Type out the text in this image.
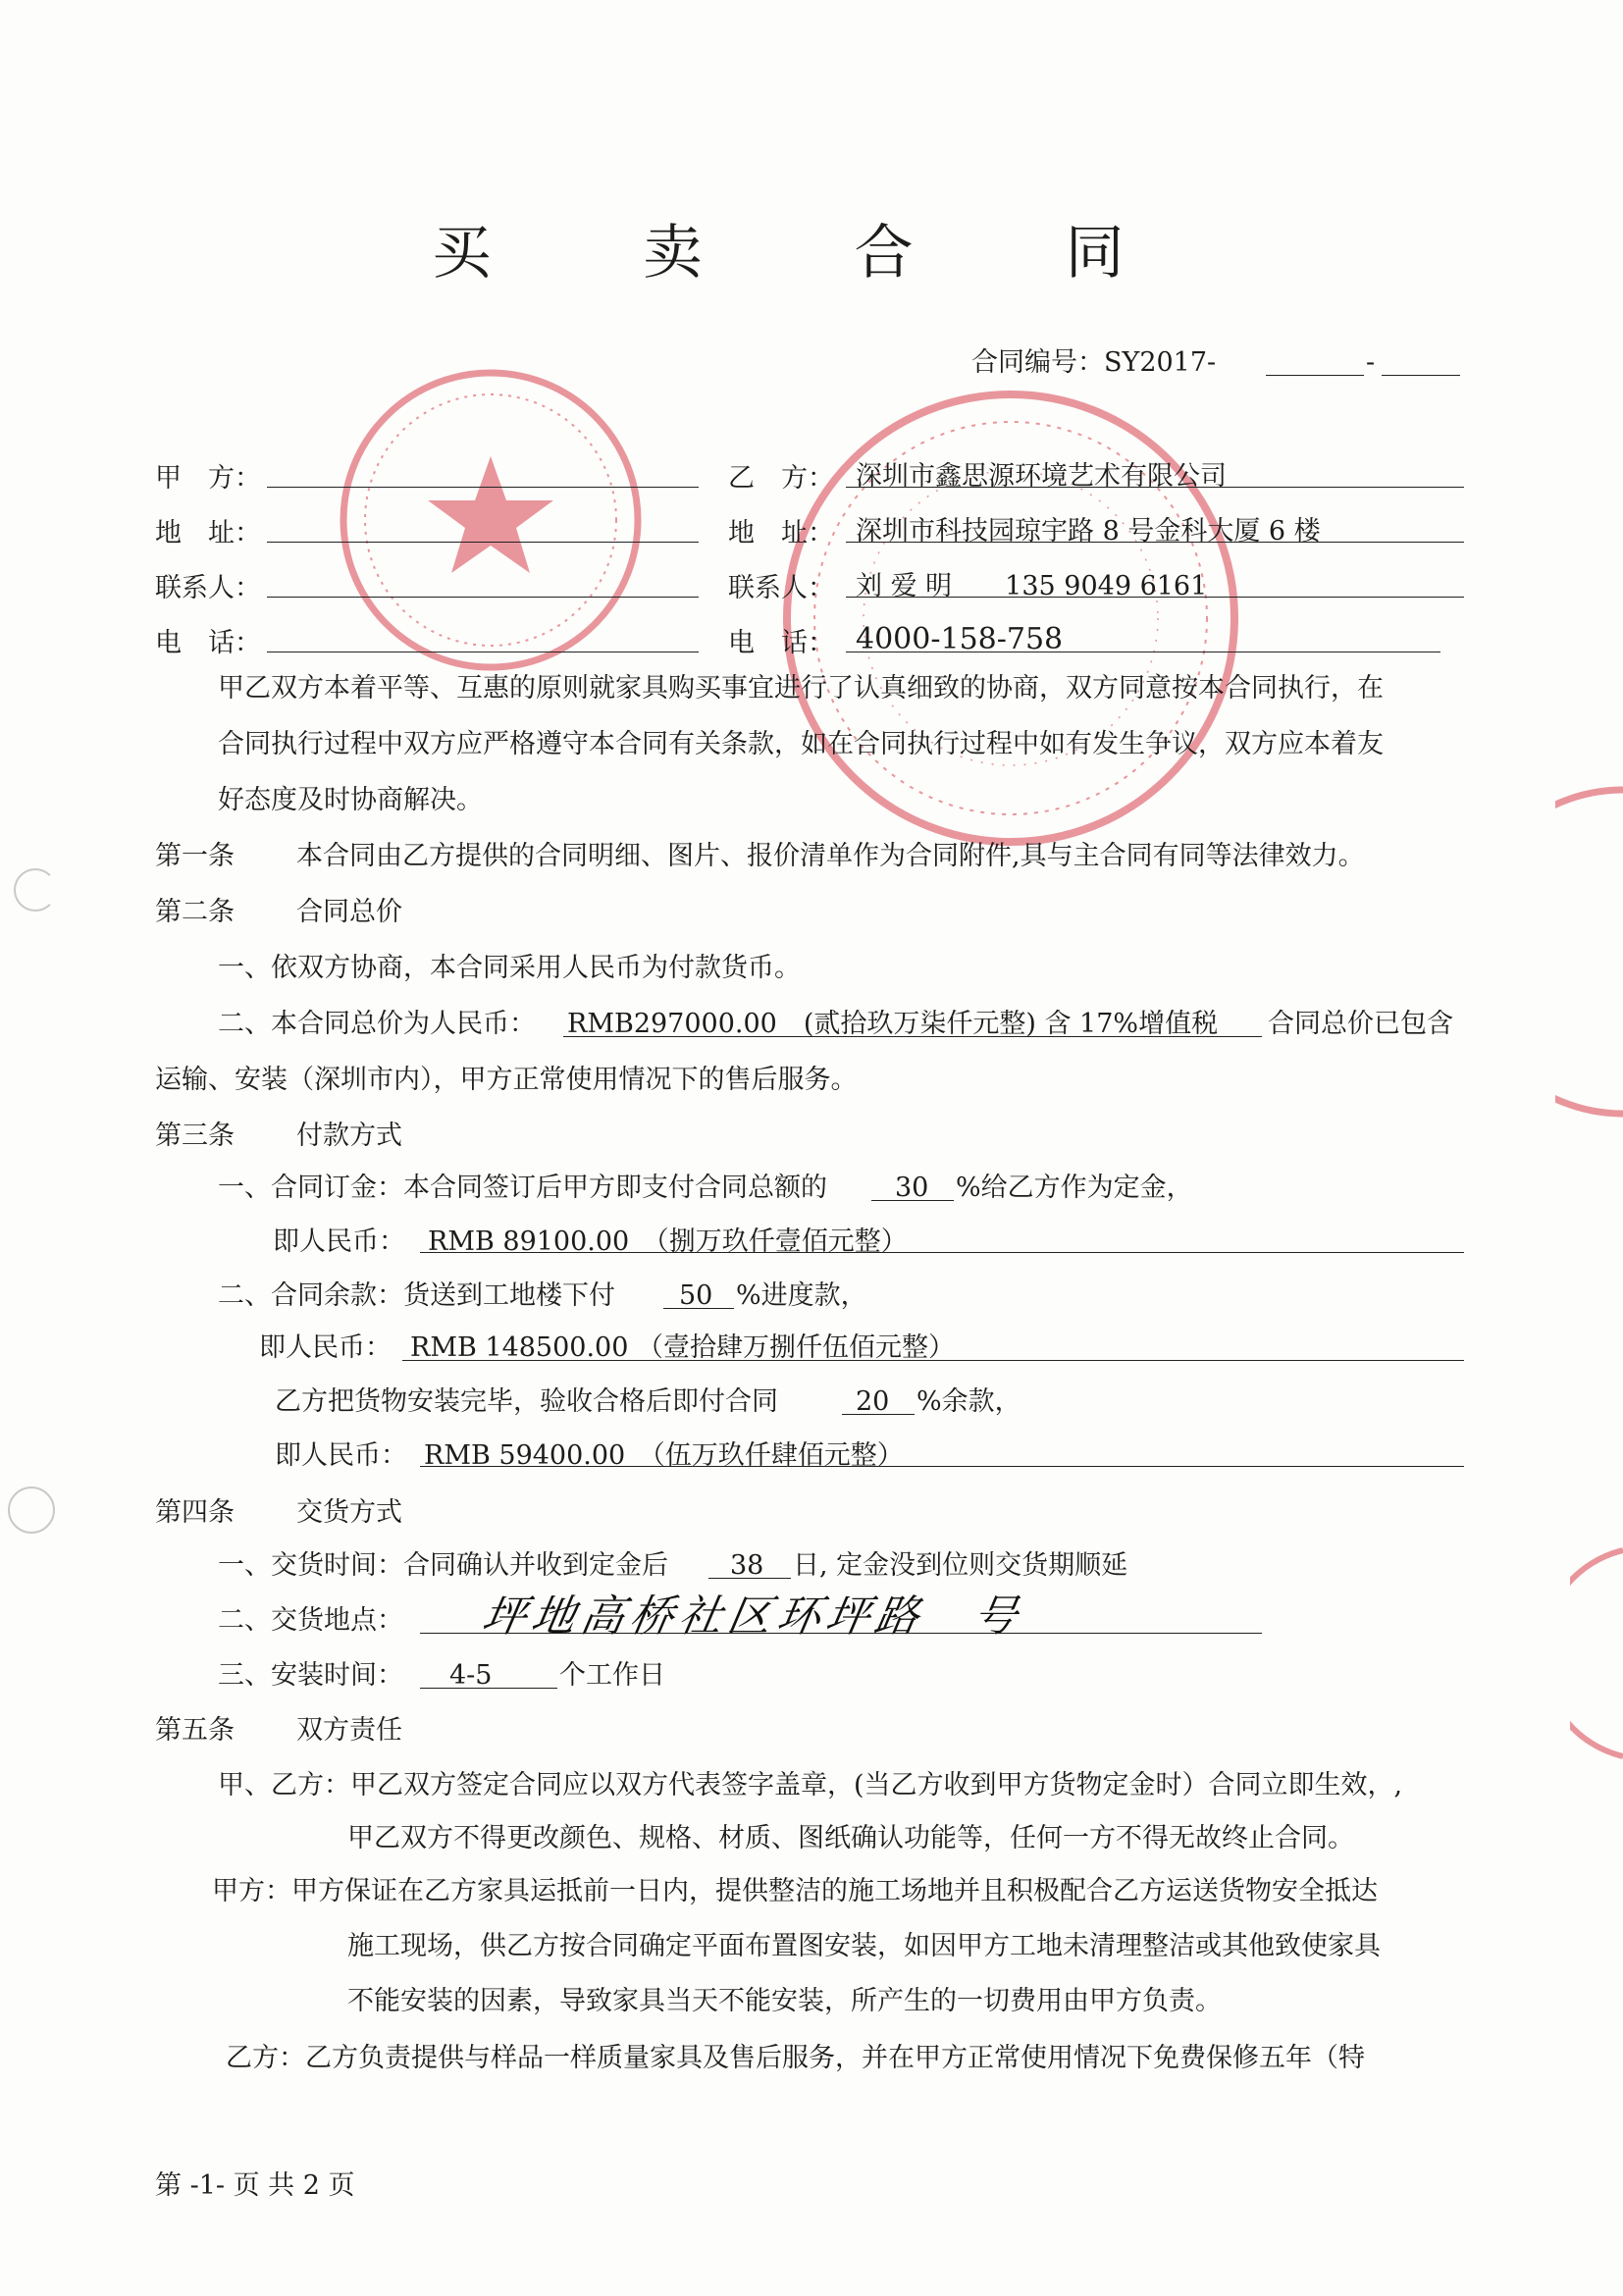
买 卖 合 同
合同编号：SY2017-	-
甲　方：
地　址：
联系人：
电　话：
乙　方： 深圳市鑫思源环境艺术有限公司
地　址： 深圳市科技园琼宇路 8 号金科大厦 6 楼
联系人： 刘 爱 明　　135 9049 6161
电　话： 4000-158-758
甲乙双方本着平等、互惠的原则就家具购买事宜进行了认真细致的协商，双方同意按本合同执行，在
合同执行过程中双方应严格遵守本合同有关条款，如在合同执行过程中如有发生争议，双方应本着友
好态度及时协商解决。
第一条 本合同由乙方提供的合同明细、图片、报价清单作为合同附件,具与主合同有同等法律效力。
第二条 合同总价
一、依双方协商，本合同采用人民币为付款货币。
二、本合同总价为人民币： RMB297000.00　(贰拾玖万柒仟元整) 含 17%增值税 合同总价已包含
运输、安装（深圳市内），甲方正常使用情况下的售后服务。
第三条 付款方式
一、合同订金：本合同签订后甲方即支付合同总额的	30 %给乙方作为定金，
即人民币： RMB 89100.00　（捌万玖仟壹佰元整）
二、合同余款：货送到工地楼下付 50 %进度款，
即人民币： RMB 148500.00 （壹拾肆万捌仟伍佰元整）
乙方把货物安装完毕，验收合格后即付合同	20 %余款，
即人民币： RMB 59400.00　（伍万玖仟肆佰元整）
第四条 交货方式
一、交货时间：合同确认并收到定金后 38 日, 定金没到位则交货期顺延
二、交货地点： 坪地高桥社区环坪路　号
三、安装时间： 4-5	个工作日
第五条 双方责任
甲、乙方：甲乙双方签定合同应以双方代表签字盖章，(当乙方收到甲方货物定金时）合同立即生效，,
甲乙双方不得更改颜色、规格、材质、图纸确认功能等，任何一方不得无故终止合同。
甲方：甲方保证在乙方家具运抵前一日内，提供整洁的施工场地并且积极配合乙方运送货物安全抵达
施工现场，供乙方按合同确定平面布置图安装，如因甲方工地未清理整洁或其他致使家具
不能安装的因素，导致家具当天不能安装，所产生的一切费用由甲方负责。
乙方：乙方负责提供与样品一样质量家具及售后服务，并在甲方正常使用情况下免费保修五年（特
第 -1- 页 共 2 页
